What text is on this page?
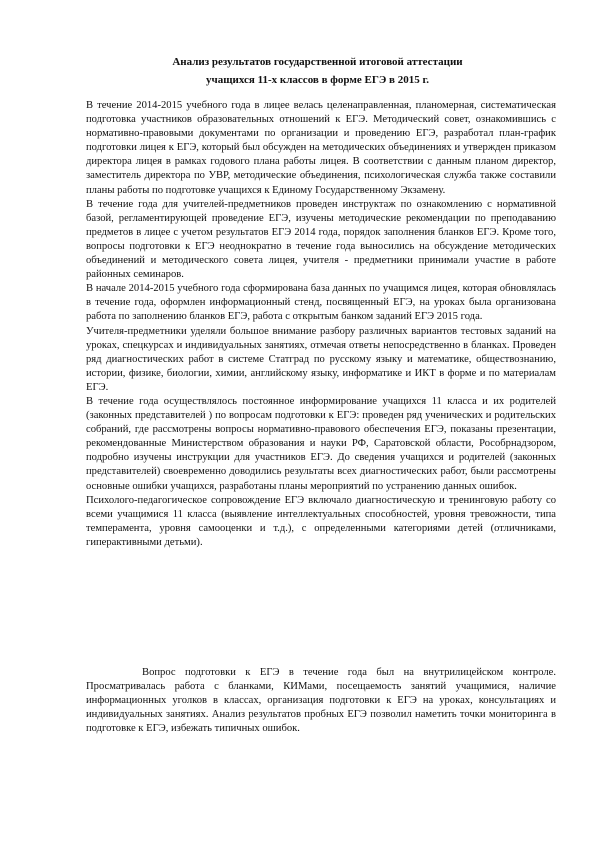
Анализ результатов государственной итоговой аттестации
учащихся 11-х классов в форме ЕГЭ в 2015 г.

В течение 2014-2015 учебного года в лицее велась целенаправленная, планомерная, систематическая подготовка участников образовательных отношений к ЕГЭ. Методический совет, ознакомившись с нормативно-правовыми документами по организации и проведению ЕГЭ, разработал план-график подготовки лицея к ЕГЭ, который был обсужден на методических объединениях и утвержден приказом директора лицея в рамках годового плана работы лицея. В соответствии с данным планом директор, заместитель директора по УВР, методические объединения, психологическая служба также составили планы работы по подготовке учащихся к Единому Государственному Экзамену.

В течение года для учителей-предметников проведен инструктаж по ознакомлению с нормативной базой, регламентирующей проведение ЕГЭ, изучены методические рекомендации по преподаванию предметов в лицее с учетом результатов ЕГЭ 2014 года, порядок заполнения бланков ЕГЭ. Кроме того, вопросы подготовки к ЕГЭ неоднократно в течение года выносились на обсуждение методических объединений и методического совета лицея, учителя - предметники принимали участие в работе районных семинаров.

В начале 2014-2015 учебного года сформирована база данных по учащимся лицея, которая обновлялась в течение года, оформлен информационный стенд, посвященный ЕГЭ, на уроках была организована работа по заполнению бланков ЕГЭ, работа с открытым банком заданий ЕГЭ 2015 года.

Учителя-предметники уделяли большое внимание разбору различных вариантов тестовых заданий на уроках, спецкурсах и индивидуальных занятиях, отмечая ответы непосредственно в бланках. Проведен ряд диагностических работ в системе Статград по русскому языку и математике, обществознанию, истории, физике, биологии, химии, английскому языку, информатике и ИКТ в форме и по материалам ЕГЭ.

В течение года осуществлялось постоянное информирование учащихся 11 класса и их родителей (законных представителей ) по вопросам подготовки к ЕГЭ: проведен ряд ученических и родительских собраний, где рассмотрены вопросы нормативно-правового обеспечения ЕГЭ, показаны презентации, рекомендованные Министерством образования и науки РФ, Саратовской области, Рособрнадзором, подробно изучены инструкции для участников ЕГЭ. До сведения учащихся и родителей (законных представителей) своевременно доводились результаты всех диагностических работ, были рассмотрены основные ошибки учащихся, разработаны планы мероприятий по устранению данных ошибок.

Психолого-педагогическое сопровождение ЕГЭ включало диагностическую и тренинговую работу со всеми учащимися 11 класса (выявление интеллектуальных способностей, уровня тревожности, типа темперамента, уровня самооценки и т.д.), с определенными категориями детей (отличниками, гиперактивными детьми).

Вопрос подготовки к ЕГЭ в течение года был на внутрилицейском контроле. Просматривалась работа с бланками, КИМами, посещаемость занятий учащимися, наличие информационных уголков в классах, организация подготовки к ЕГЭ на уроках, консультациях и индивидуальных занятиях. Анализ результатов пробных ЕГЭ позволил наметить точки мониторинга в подготовке к ЕГЭ, избежать типичных ошибок.
